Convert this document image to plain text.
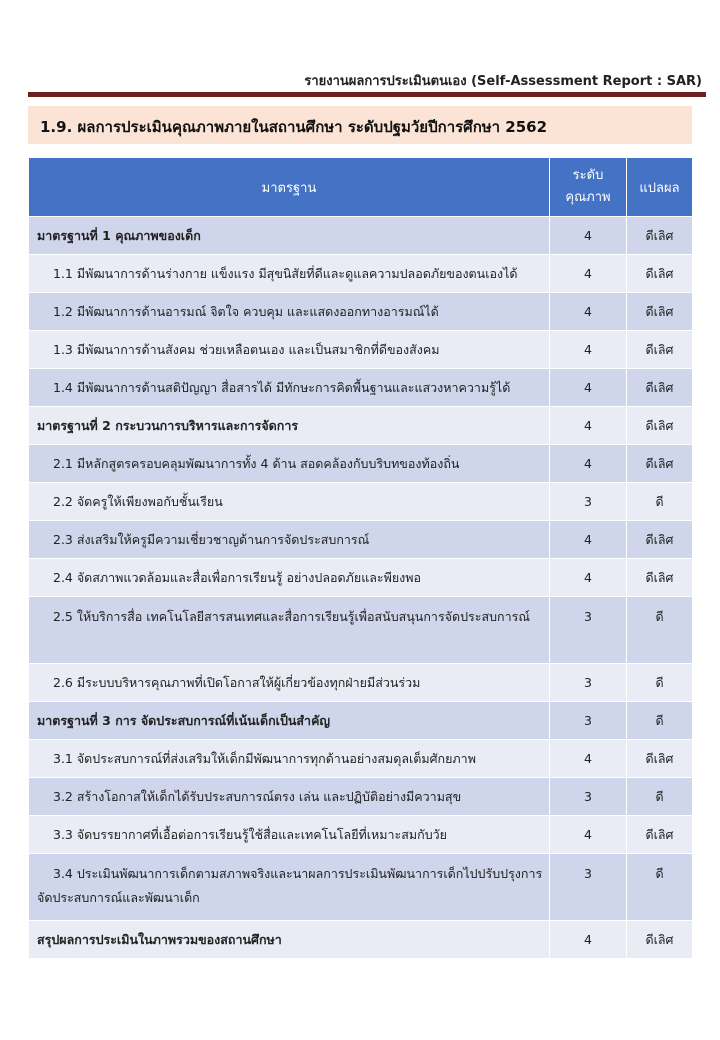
รายงานผลการประเมินตนเอง (Self-Assessment Report : SAR)
1.9. ผลการประเมินคุณภาพภายในสถานศึกษา ระดับปฐมวัยปีการศึกษา 2562
มาตรฐาน	ระดับ คุณภาพ	แปลผล
มาตรฐานที่ 1 คุณภาพของเด็ก	4	ดีเลิศ
1.1 มีพัฒนาการด้านร่างกาย แข็งแรง มีสุขนิสัยที่ดีและดูแลความปลอดภัยของตนเองได้	4	ดีเลิศ
1.2 มีพัฒนาการด้านอารมณ์ จิตใจ ควบคุม และแสดงออกทางอารมณ์ได้	4	ดีเลิศ
1.3 มีพัฒนาการด้านสังคม ช่วยเหลือตนเอง และเป็นสมาชิกที่ดีของสังคม	4	ดีเลิศ
1.4 มีพัฒนาการด้านสติปัญญา สื่อสารได้ มีทักษะการคิดพื้นฐานและแสวงหาความรู้ได้	4	ดีเลิศ
มาตรฐานที่ 2 กระบวนการบริหารและการจัดการ	4	ดีเลิศ
2.1 มีหลักสูตรครอบคลุมพัฒนาการทั้ง 4 ด้าน สอดคล้องกับบริบทของท้องถิ่น	4	ดีเลิศ
2.2 จัดครูให้เพียงพอกับชั้นเรียน	3	ดี
2.3 ส่งเสริมให้ครูมีความเชี่ยวชาญด้านการจัดประสบการณ์	4	ดีเลิศ
2.4 จัดสภาพแวดล้อมและสื่อเพื่อการเรียนรู้ อย่างปลอดภัยและพียงพอ	4	ดีเลิศ
2.5 ให้บริการสื่อ เทคโนโลยีสารสนเทศและสื่อการเรียนรู้เพื่อสนับสนุนการจัดประสบการณ์	3	ดี
2.6 มีระบบบริหารคุณภาพที่เปิดโอกาสให้ผู้เกี่ยวข้องทุกฝ่ายมีส่วนร่วม	3	ดี
มาตรฐานที่ 3 การ จัดประสบการณ์ที่เน้นเด็กเป็นสำคัญ	3	ดี
3.1 จัดประสบการณ์ที่ส่งเสริมให้เด็กมีพัฒนาการทุกด้านอย่างสมดุลเต็มศักยภาพ	4	ดีเลิศ
3.2 สร้างโอกาสให้เด็กได้รับประสบการณ์ตรง เล่น และปฏิบัติอย่างมีความสุข	3	ดี
3.3 จัดบรรยากาศที่เอื้อต่อการเรียนรู้ใช้สื่อและเทคโนโลยีที่เหมาะสมกับวัย	4	ดีเลิศ
3.4 ประเมินพัฒนาการเด็กตามสภาพจริงและนาผลการประเมินพัฒนาการเด็กไปปรับปรุงการจัดประสบการณ์และพัฒนาเด็ก	3	ดี
สรุปผลการประเมินในภาพรวมของสถานศึกษา	4	ดีเลิศ
